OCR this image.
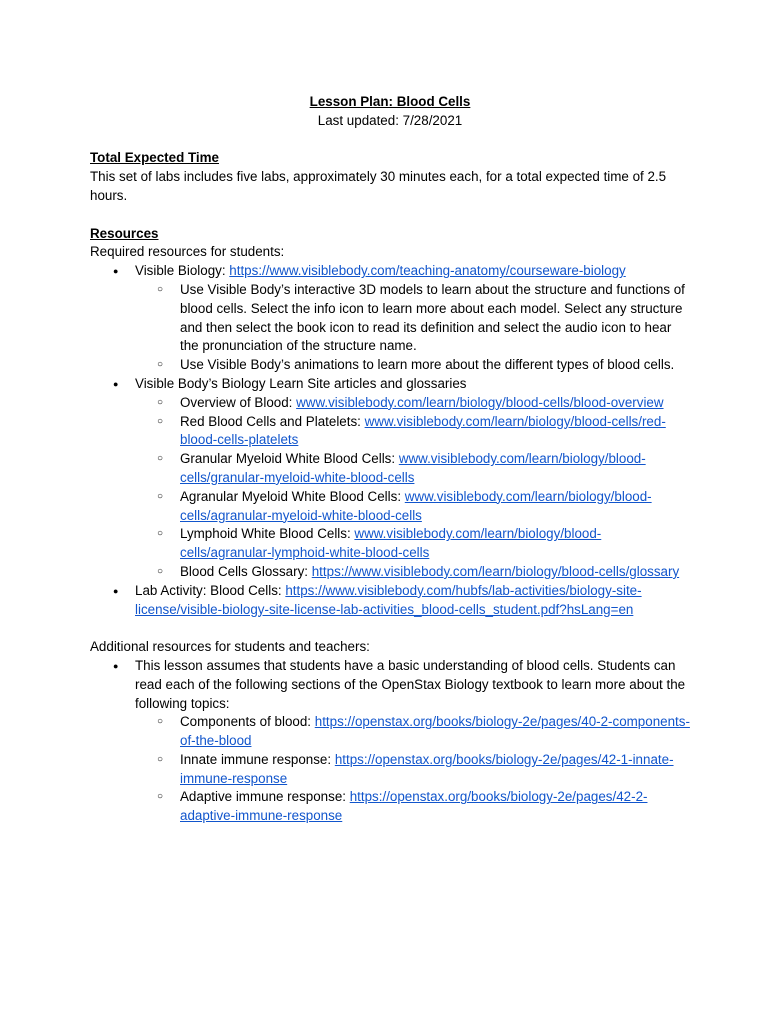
Lesson Plan: Blood Cells

Last updated: 7/28/2021

Total Expected Time

This set of labs includes five labs, approximately 30 minutes each, for a total expected time of 2.5 hours.

Resources

Required resources for students:

● Visible Biology: https://www.visiblebody.com/teaching-anatomy/courseware-biology
○ Use Visible Body’s interactive 3D models to learn about the structure and functions of blood cells. Select the info icon to learn more about each model. Select any structure and then select the book icon to read its definition and select the audio icon to hear the pronunciation of the structure name.
○ Use Visible Body’s animations to learn more about the different types of blood cells.
● Visible Body’s Biology Learn Site articles and glossaries
○ Overview of Blood: www.visiblebody.com/learn/biology/blood-cells/blood-overview
○ Red Blood Cells and Platelets: www.visiblebody.com/learn/biology/blood-cells/red-blood-cells-platelets
○ Granular Myeloid White Blood Cells: www.visiblebody.com/learn/biology/blood-cells/granular-myeloid-white-blood-cells
○ Agranular Myeloid White Blood Cells: www.visiblebody.com/learn/biology/blood-cells/agranular-myeloid-white-blood-cells
○ Lymphoid White Blood Cells: www.visiblebody.com/learn/biology/blood-cells/agranular-lymphoid-white-blood-cells
○ Blood Cells Glossary: https://www.visiblebody.com/learn/biology/blood-cells/glossary
● Lab Activity: Blood Cells: https://www.visiblebody.com/hubfs/lab-activities/biology-site-license/visible-biology-site-license-lab-activities_blood-cells_student.pdf?hsLang=en

Additional resources for students and teachers:

● This lesson assumes that students have a basic understanding of blood cells. Students can read each of the following sections of the OpenStax Biology textbook to learn more about the following topics:
○ Components of blood: https://openstax.org/books/biology-2e/pages/40-2-components-of-the-blood
○ Innate immune response: https://openstax.org/books/biology-2e/pages/42-1-innate-immune-response
○ Adaptive immune response: https://openstax.org/books/biology-2e/pages/42-2-adaptive-immune-response
